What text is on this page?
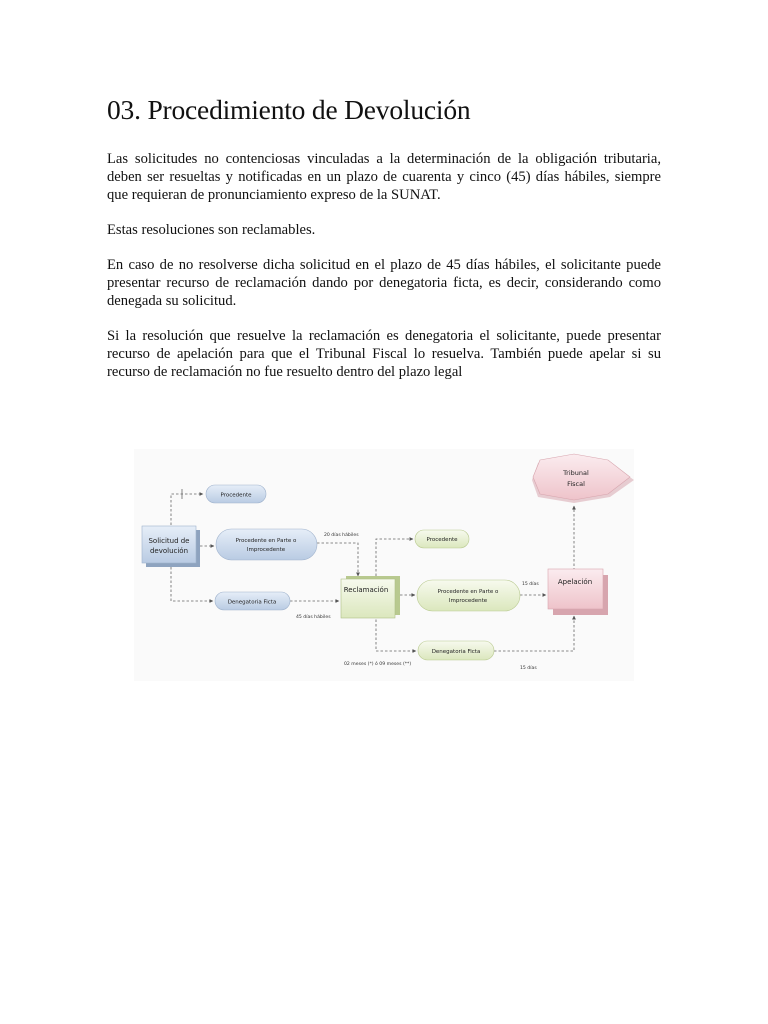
03. Procedimiento de Devolución

Las solicitudes no contenciosas vinculadas a la determinación de la obligación tributaria, deben ser resueltas y notificadas en un plazo de cuarenta y cinco (45) días hábiles, siempre que requieran de pronunciamiento expreso de la SUNAT.

Estas resoluciones son reclamables.

En caso de no resolverse dicha solicitud en el plazo de 45 días hábiles, el solicitante puede presentar recurso de reclamación dando por denegatoria ficta, es decir, considerando como denegada su solicitud.

Si la resolución que resuelve la reclamación es denegatoria el solicitante, puede presentar recurso de apelación para que el Tribunal Fiscal lo resuelva. También puede apelar si su recurso de reclamación no fue resuelto dentro del plazo legal

Solicitud de
devolución
Procedente
Procedente en Parte o
Improcedente
Denegatoria Ficta
Reclamación
Procedente
Procedente en Parte o
Improcedente
Denegatoria Ficta
Apelación
Tribunal
Fiscal
20 días hábiles
45 días hábiles
15 días
15 días
02 meses (*) ó 09 meses (**)
